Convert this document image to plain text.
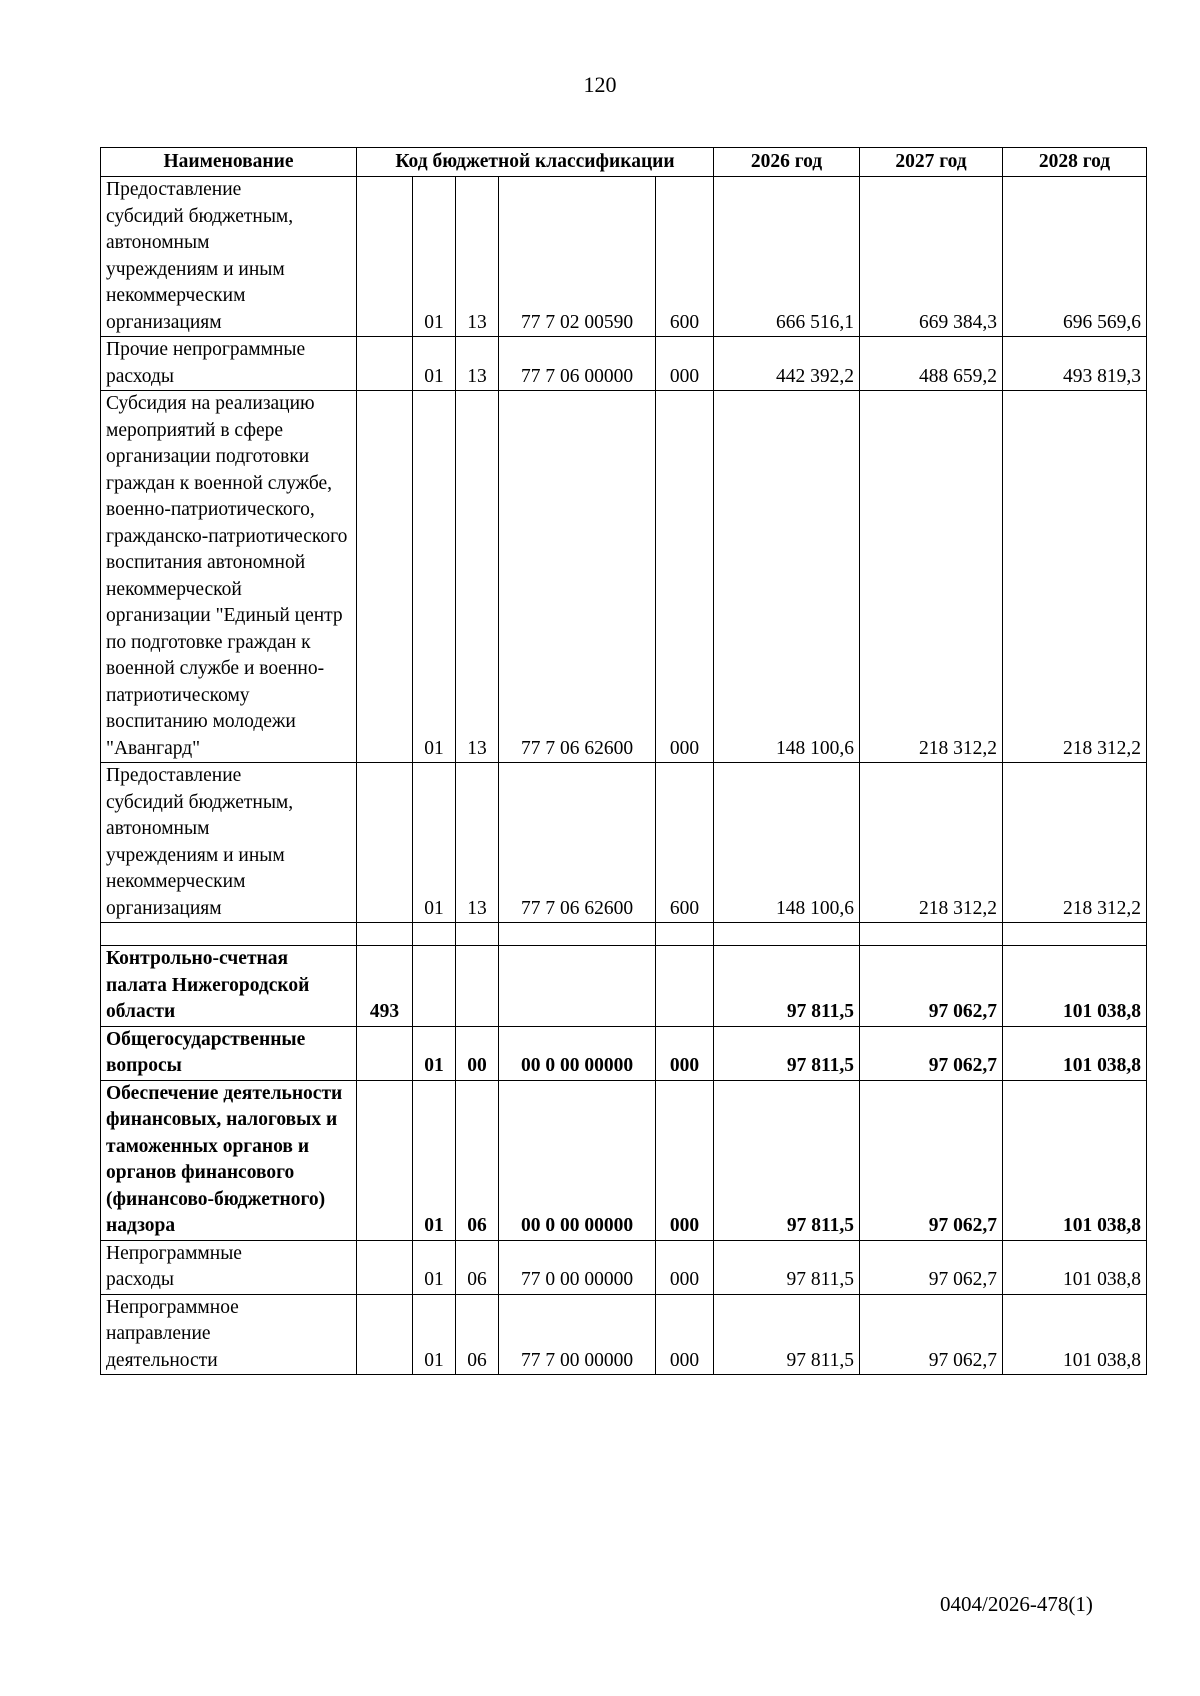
120
Наименование	Код бюджетной классификации					2026 год	2027 год	2028 год
Предоставление субсидий бюджетным, автономным учреждениям и иным некоммерческим организациям		01	13	77 7 02 00590	600	666 516,1	669 384,3	696 569,6
Прочие непрограммные расходы		01	13	77 7 06 00000	000	442 392,2	488 659,2	493 819,3
Субсидия на реализацию мероприятий в сфере организации подготовки граждан к военной службе, военно-патриотического, гражданско-патриотического воспитания автономной некоммерческой организации "Единый центр по подготовке граждан к военной службе и военно-патриотическому воспитанию молодежи "Авангард"		01	13	77 7 06 62600	000	148 100,6	218 312,2	218 312,2
Предоставление субсидий бюджетным, автономным учреждениям и иным некоммерческим организациям		01	13	77 7 06 62600	600	148 100,6	218 312,2	218 312,2

Контрольно-счетная палата Нижегородской области	493					97 811,5	97 062,7	101 038,8
Общегосударственные вопросы		01	00	00 0 00 00000	000	97 811,5	97 062,7	101 038,8
Обеспечение деятельности финансовых, налоговых и таможенных органов и органов финансового (финансово-бюджетного) надзора		01	06	00 0 00 00000	000	97 811,5	97 062,7	101 038,8
Непрограммные расходы		01	06	77 0 00 00000	000	97 811,5	97 062,7	101 038,8
Непрограммное направление деятельности		01	06	77 7 00 00000	000	97 811,5	97 062,7	101 038,8
0404/2026-478(1)
